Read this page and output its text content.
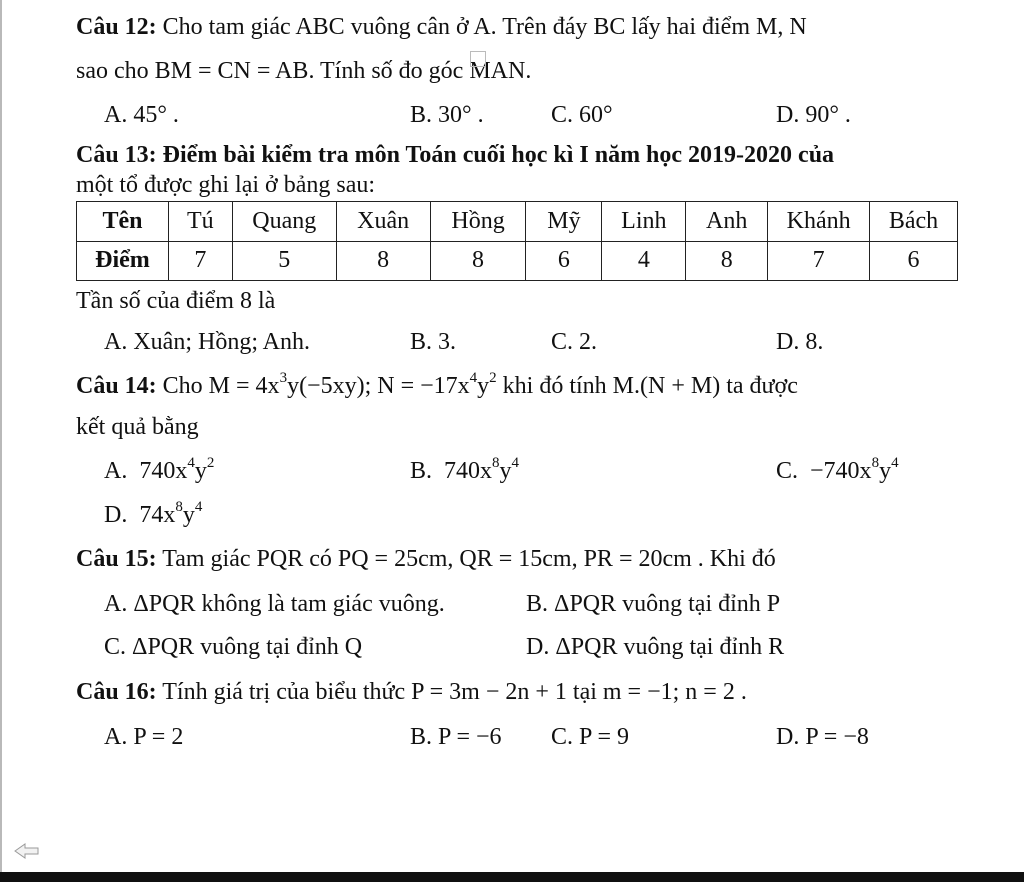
Câu 12: Cho tam giác ABC vuông cân ở A. Trên đáy BC lấy hai điểm M, N
sao cho BM = CN = AB. Tính số đo góc MAN.
A. 45° .	B. 30° .	C. 60°	D. 90° .
Câu 13: Điểm bài kiểm tra môn Toán cuối học kì I năm học 2019-2020 của
một tổ được ghi lại ở bảng sau:
Tên	Tú	Quang	Xuân	Hồng	Mỹ	Linh	Anh	Khánh	Bách
Điểm	7	5	8	8	6	4	8	7	6
Tần số của điểm 8 là
A. Xuân; Hồng; Anh.	B. 3.	C. 2.	D. 8.
Câu 14: Cho $M = 4x^3y(-5xy)$; $N = -17x^4y^2$ khi đó tính M.(N + M) ta được
kết quả bằng
A. $740x^4y^2$	B. $740x^8y^4$	C. $-740x^8y^4$
D. $74x^8y^4$
Câu 15: Tam giác PQR có PQ = 25cm, QR = 15cm, PR = 20cm . Khi đó
A. ΔPQR không là tam giác vuông.	B. ΔPQR vuông tại đỉnh P
C. ΔPQR vuông tại đỉnh Q	D. ΔPQR vuông tại đỉnh R
Câu 16: Tính giá trị của biểu thức P = 3m − 2n + 1 tại m = −1; n = 2 .
A. P = 2	B. P = −6 C. P = 9	D. P = −8
